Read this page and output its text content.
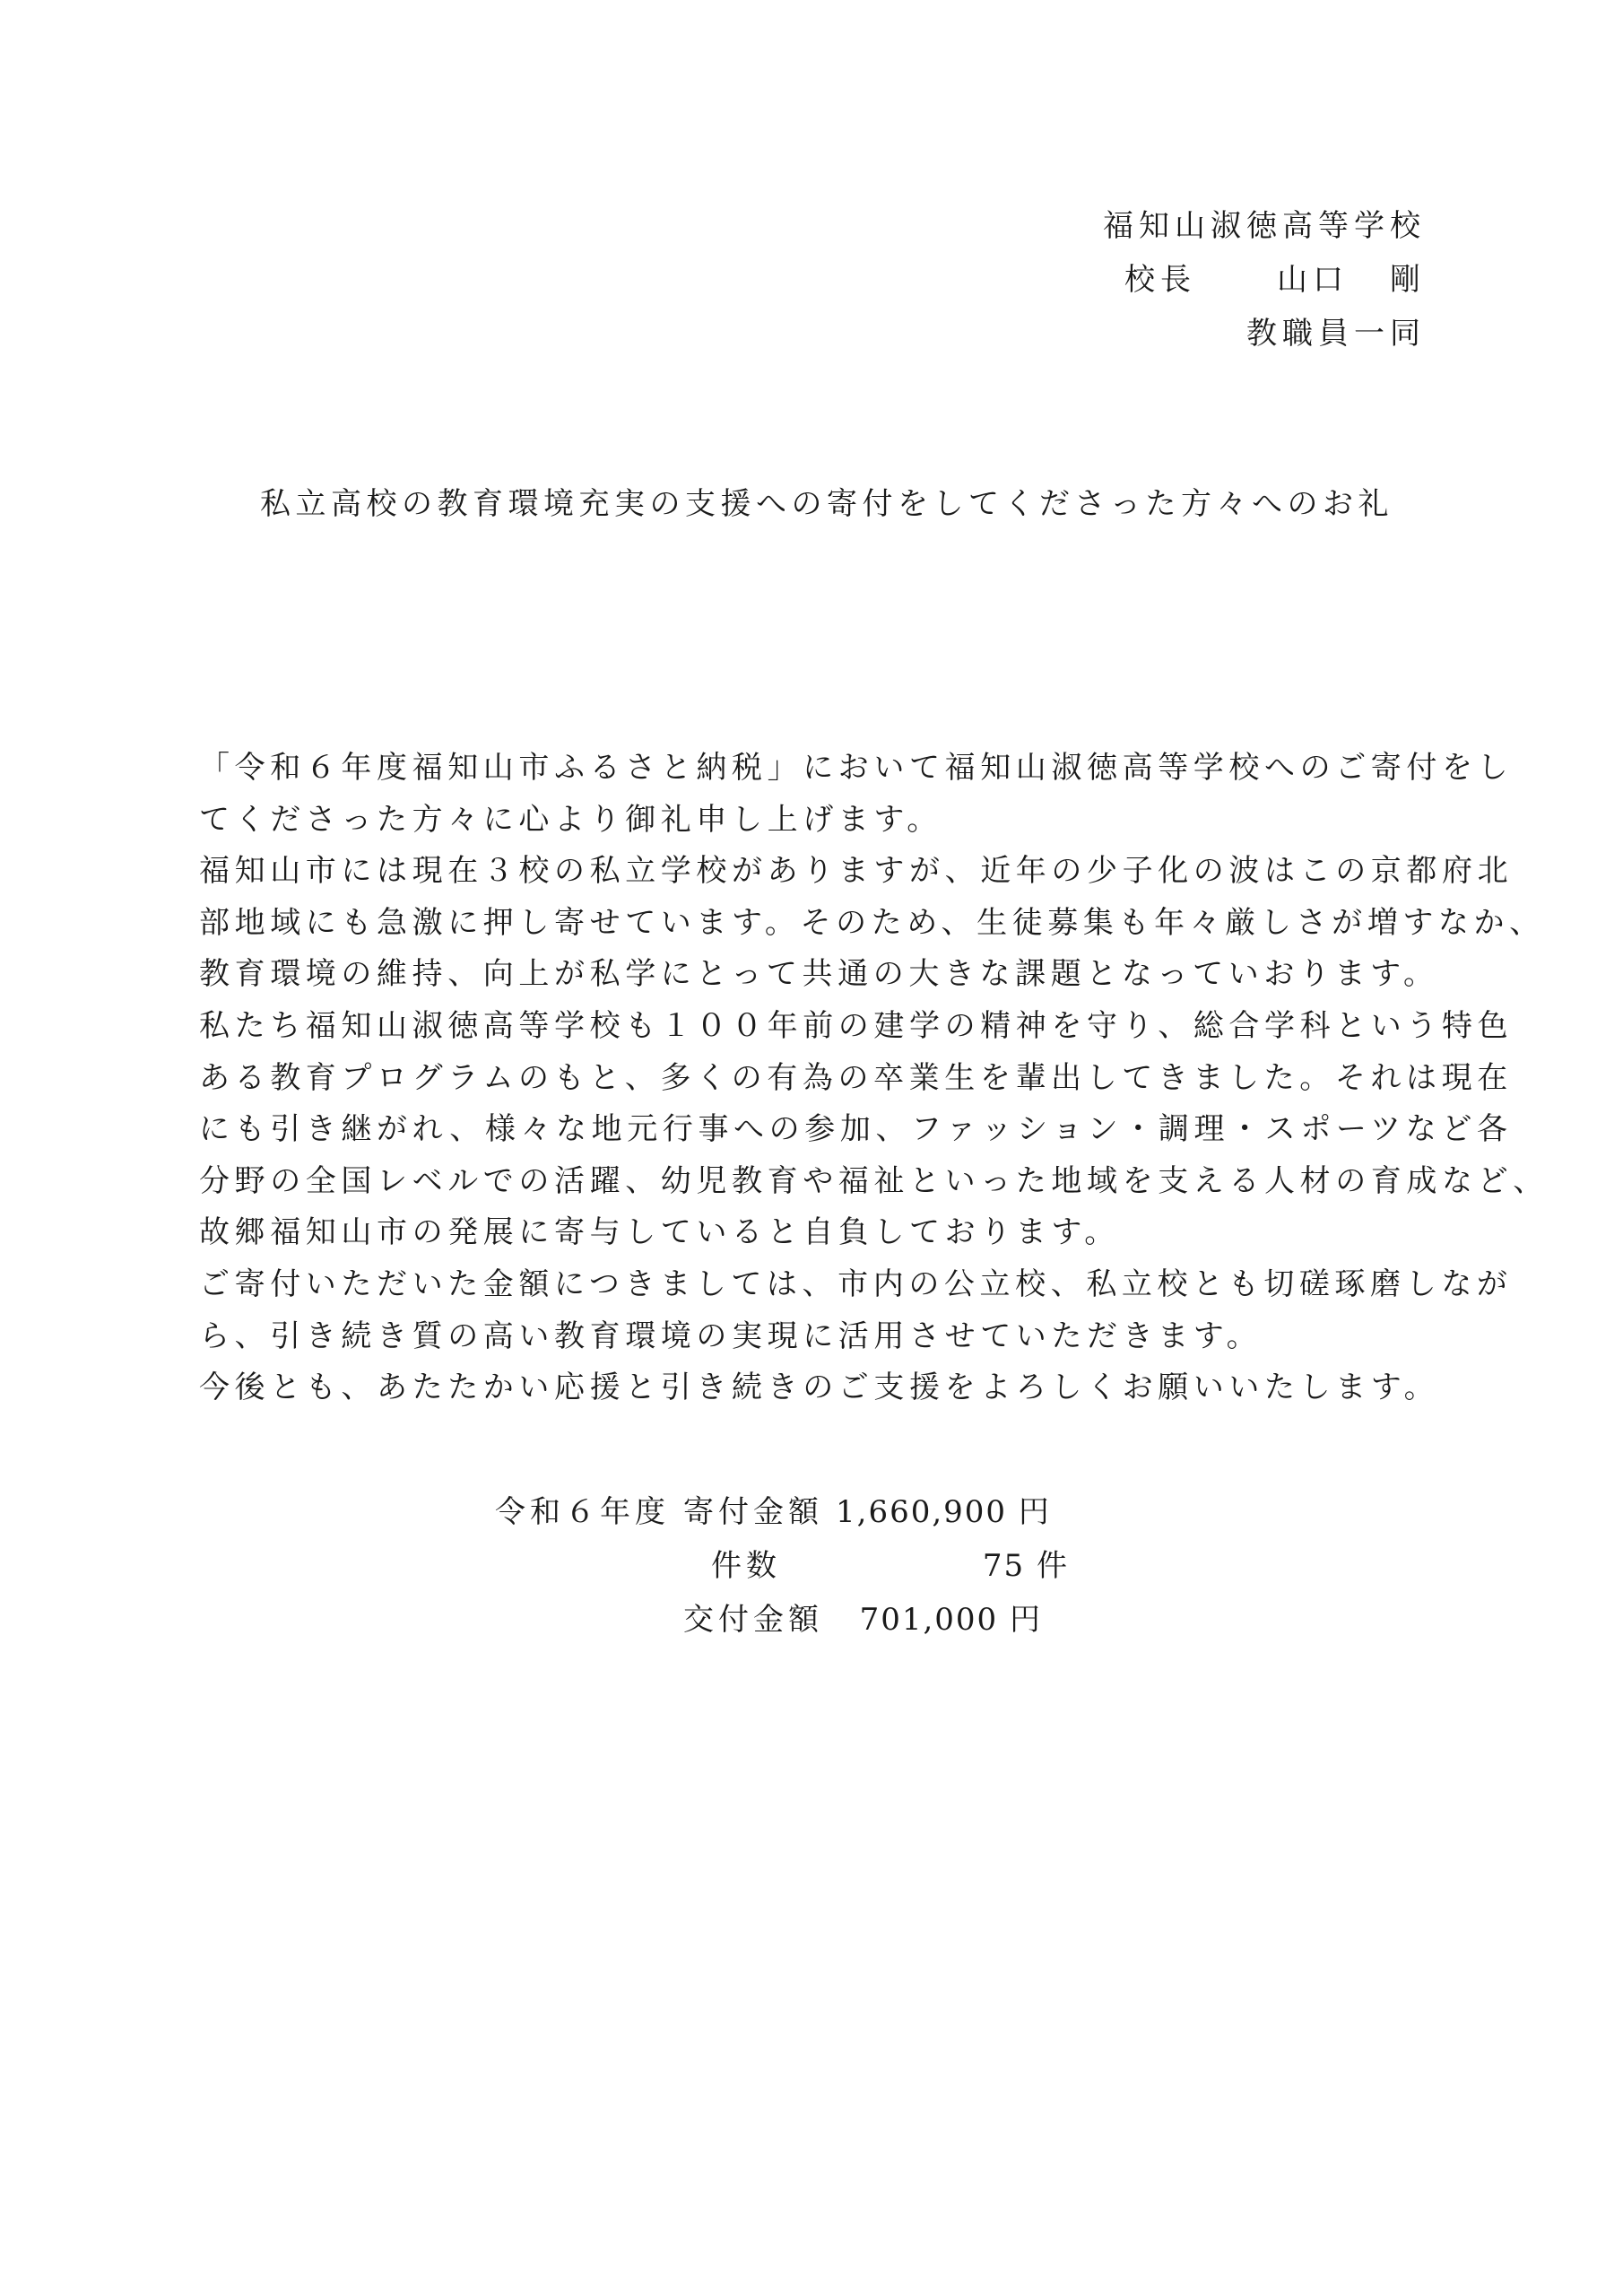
福知山淑徳高等学校
校長	山口 剛
教職員一同
私立高校の教育環境充実の支援への寄付をしてくださった方々へのお礼

「令和６年度福知山市ふるさと納税」において福知山淑徳高等学校へのご寄付をし

てくださった方々に心より御礼申し上げます。

福知山市には現在３校の私立学校がありますが、近年の少子化の波はこの京都府北

部地域にも急激に押し寄せています。そのため、生徒募集も年々厳しさが増すなか、

教育環境の維持、向上が私学にとって共通の大きな課題となっていおります。

私たち福知山淑徳高等学校も１００年前の建学の精神を守り、総合学科という特色

ある教育プログラムのもと、多くの有為の卒業生を輩出してきました。それは現在

にも引き継がれ、様々な地元行事への参加、ファッション・調理・スポーツなど各

分野の全国レベルでの活躍、幼児教育や福祉といった地域を支える人材の育成など、

故郷福知山市の発展に寄与していると自負しております。

ご寄付いただいた金額につきましては、市内の公立校、私立校とも切磋琢磨しなが

ら、引き続き質の高い教育環境の実現に活用させていただきます。

今後とも、あたたかい応援と引き続きのご支援をよろしくお願いいたします。

令和６年度 寄付金額 1,660,900 円
件数	75 件
交付金額	701,000 円
